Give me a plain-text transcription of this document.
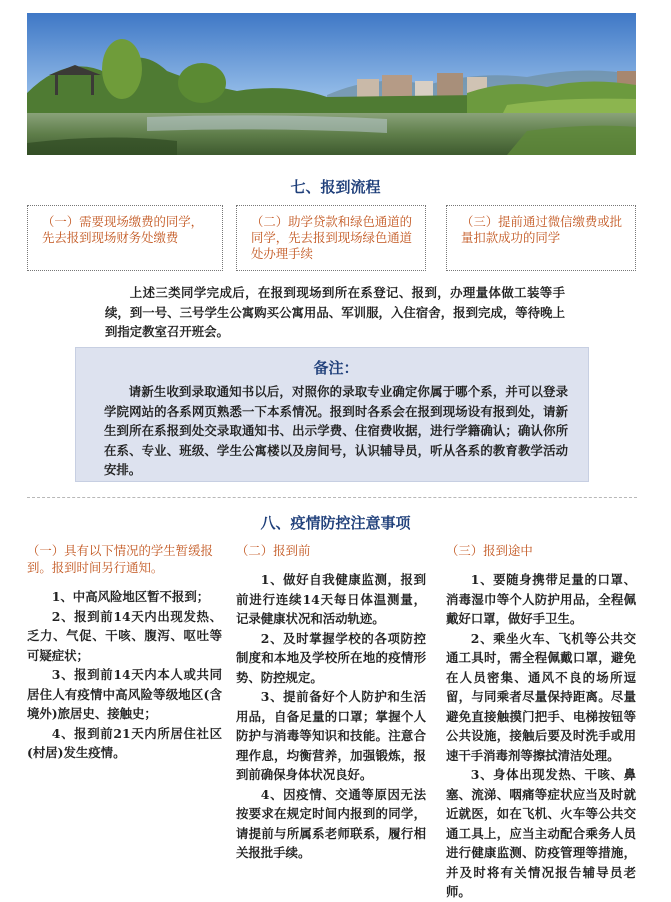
七、报到流程
（一）需要现场缴费的同学，先去报到现场财务处缴费
（二）助学贷款和绿色通道的同学，先去报到现场绿色通道处办理手续
（三）提前通过微信缴费或批量扣款成功的同学
上述三类同学完成后，在报到现场到所在系登记、报到，办理量体做工装等手续，到一号、三号学生公寓购买公寓用品、军训服，入住宿舍，报到完成，等待晚上到指定教室召开班会。
备注：
请新生收到录取通知书以后，对照你的录取专业确定你属于哪个系，并可以登录学院网站的各系网页熟悉一下本系情况。报到时各系会在报到现场设有报到处，请新生到所在系报到处交录取通知书、出示学费、住宿费收据，进行学籍确认；确认你所在系、专业、班级、学生公寓楼以及房间号，认识辅导员，听从各系的教育教学活动安排。
八、疫情防控注意事项
（一）具有以下情况的学生暂缓报到。报到时间另行通知。

1、中高风险地区暂不报到；

2、报到前14天内出现发热、乏力、气促、干咳、腹泻、呕吐等可疑症状；

3、报到前14天内本人或共同居住人有疫情中高风险等级地区(含境外)旅居史、接触史；

4、报到前21天内所居住社区(村居)发生疫情。

（二）报到前

1、做好自我健康监测，报到前进行连续14天每日体温测量，记录健康状况和活动轨迹。

2、及时掌握学校的各项防控制度和本地及学校所在地的疫情形势、防控规定。

3、提前备好个人防护和生活用品，自备足量的口罩；掌握个人防护与消毒等知识和技能。注意合理作息，均衡营养，加强锻炼，报到前确保身体状况良好。

4、因疫情、交通等原因无法按要求在规定时间内报到的同学，请提前与所属系老师联系，履行相关报批手续。

（三）报到途中

1、要随身携带足量的口罩、消毒湿巾等个人防护用品，全程佩戴好口罩，做好手卫生。

2、乘坐火车、飞机等公共交通工具时，需全程佩戴口罩，避免在人员密集、通风不良的场所逗留，与同乘者尽量保持距离。尽量避免直接触摸门把手、电梯按钮等公共设施，接触后要及时洗手或用速干手消毒剂等擦拭清洁处理。

3、身体出现发热、干咳、鼻塞、流涕、咽痛等症状应当及时就近就医，如在飞机、火车等公共交通工具上，应当主动配合乘务人员进行健康监测、防疫管理等措施，并及时将有关情况报告辅导员老师。
